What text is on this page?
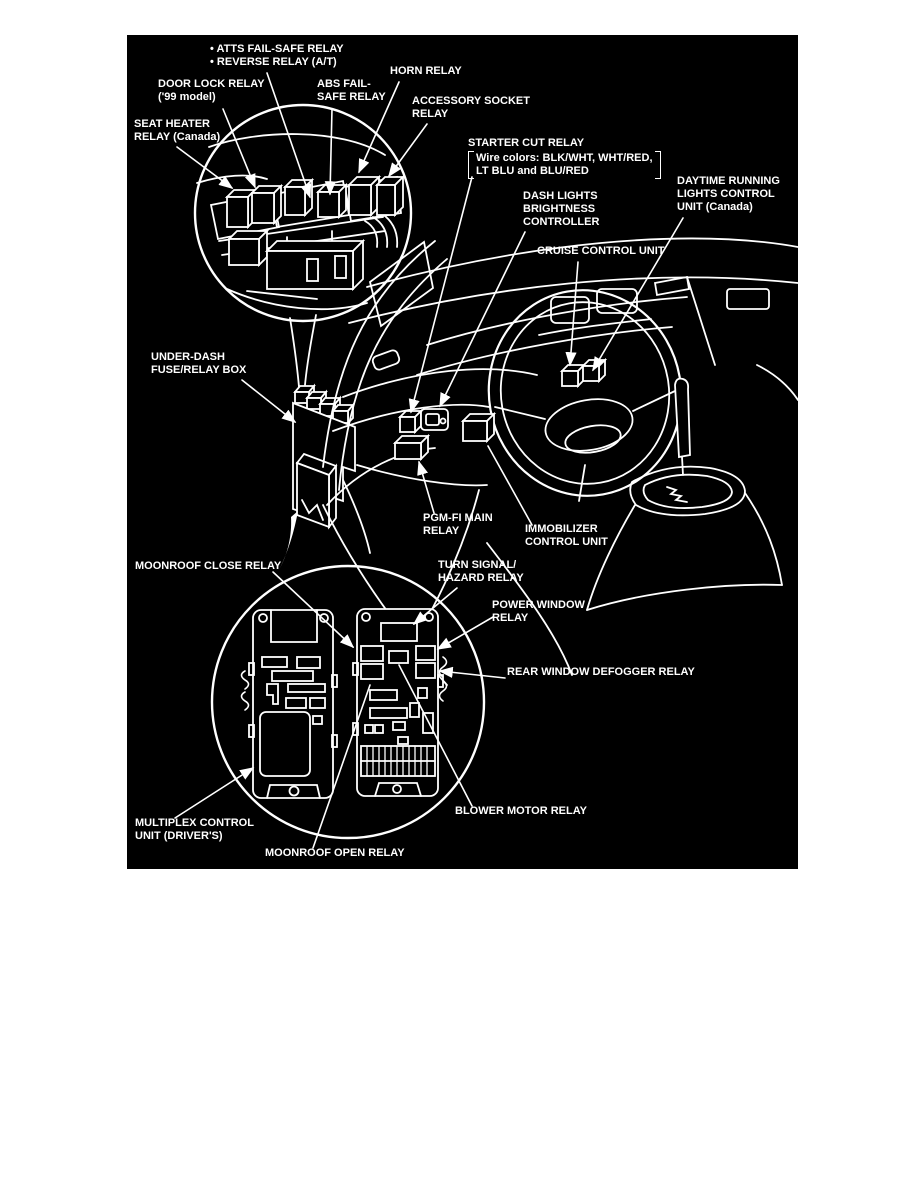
• ATTS FAIL-SAFE RELAY
• REVERSE RELAY (A/T)
DOOR LOCK RELAY
('99 model)
ABS FAIL-
SAFE RELAY
HORN RELAY
ACCESSORY SOCKET
RELAY
SEAT HEATER
RELAY (Canada)	STARTER CUT RELAY
Wire colors: BLK/WHT, WHT/RED,
LT BLU and BLU/RED
DASH LIGHTS
BRIGHTNESS
CONTROLLER
DAYTIME RUNNING
LIGHTS CONTROL
UNIT (Canada)
CRUISE CONTROL UNIT
UNDER-DASH
FUSE/RELAY BOX
PGM-FI MAIN
RELAY	IMMOBILIZER
CONTROL UNIT
TURN SIGNAL/
HAZARD RELAY
MOONROOF CLOSE RELAY
POWER WINDOW
RELAY
REAR WINDOW DEFOGGER RELAY
BLOWER MOTOR RELAY
MULTIPLEX CONTROL
UNIT (DRIVER'S)
MOONROOF OPEN RELAY
